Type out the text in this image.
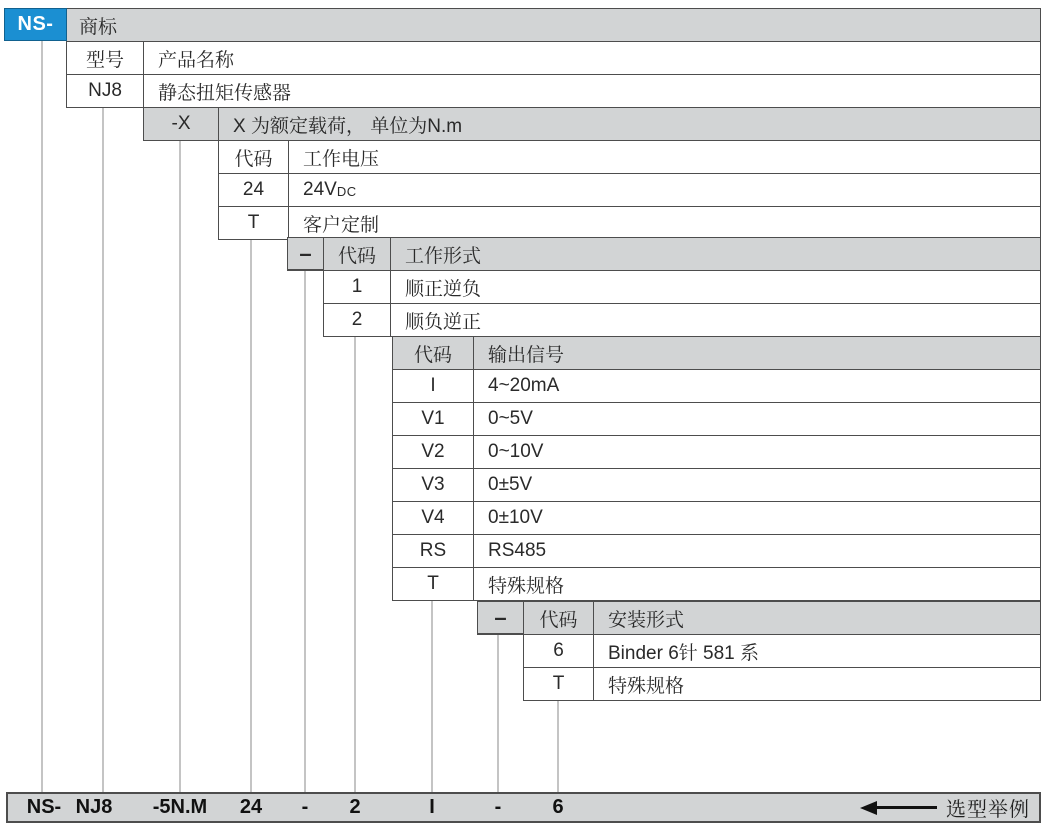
NS-	商标
型号	产品名称
NJ8	静态扭矩传感器
-X	X 为额定载荷， 单位为N.m
代码	工作电压
24	24V DC
T	客户定制
–	代码	工作形式
1	顺正逆负
2	顺负逆正
代码	输出信号
I	4~20mA
V1	0~5V
V2	0~10V
V3	0±5V
V4	0±10V
RS	RS485
T	特殊规格
–	代码	安装形式
6	Binder 6针 581 系
T	特殊规格
选型举例
NS- NJ8 -5N.M 24 - 2	I	-	6
